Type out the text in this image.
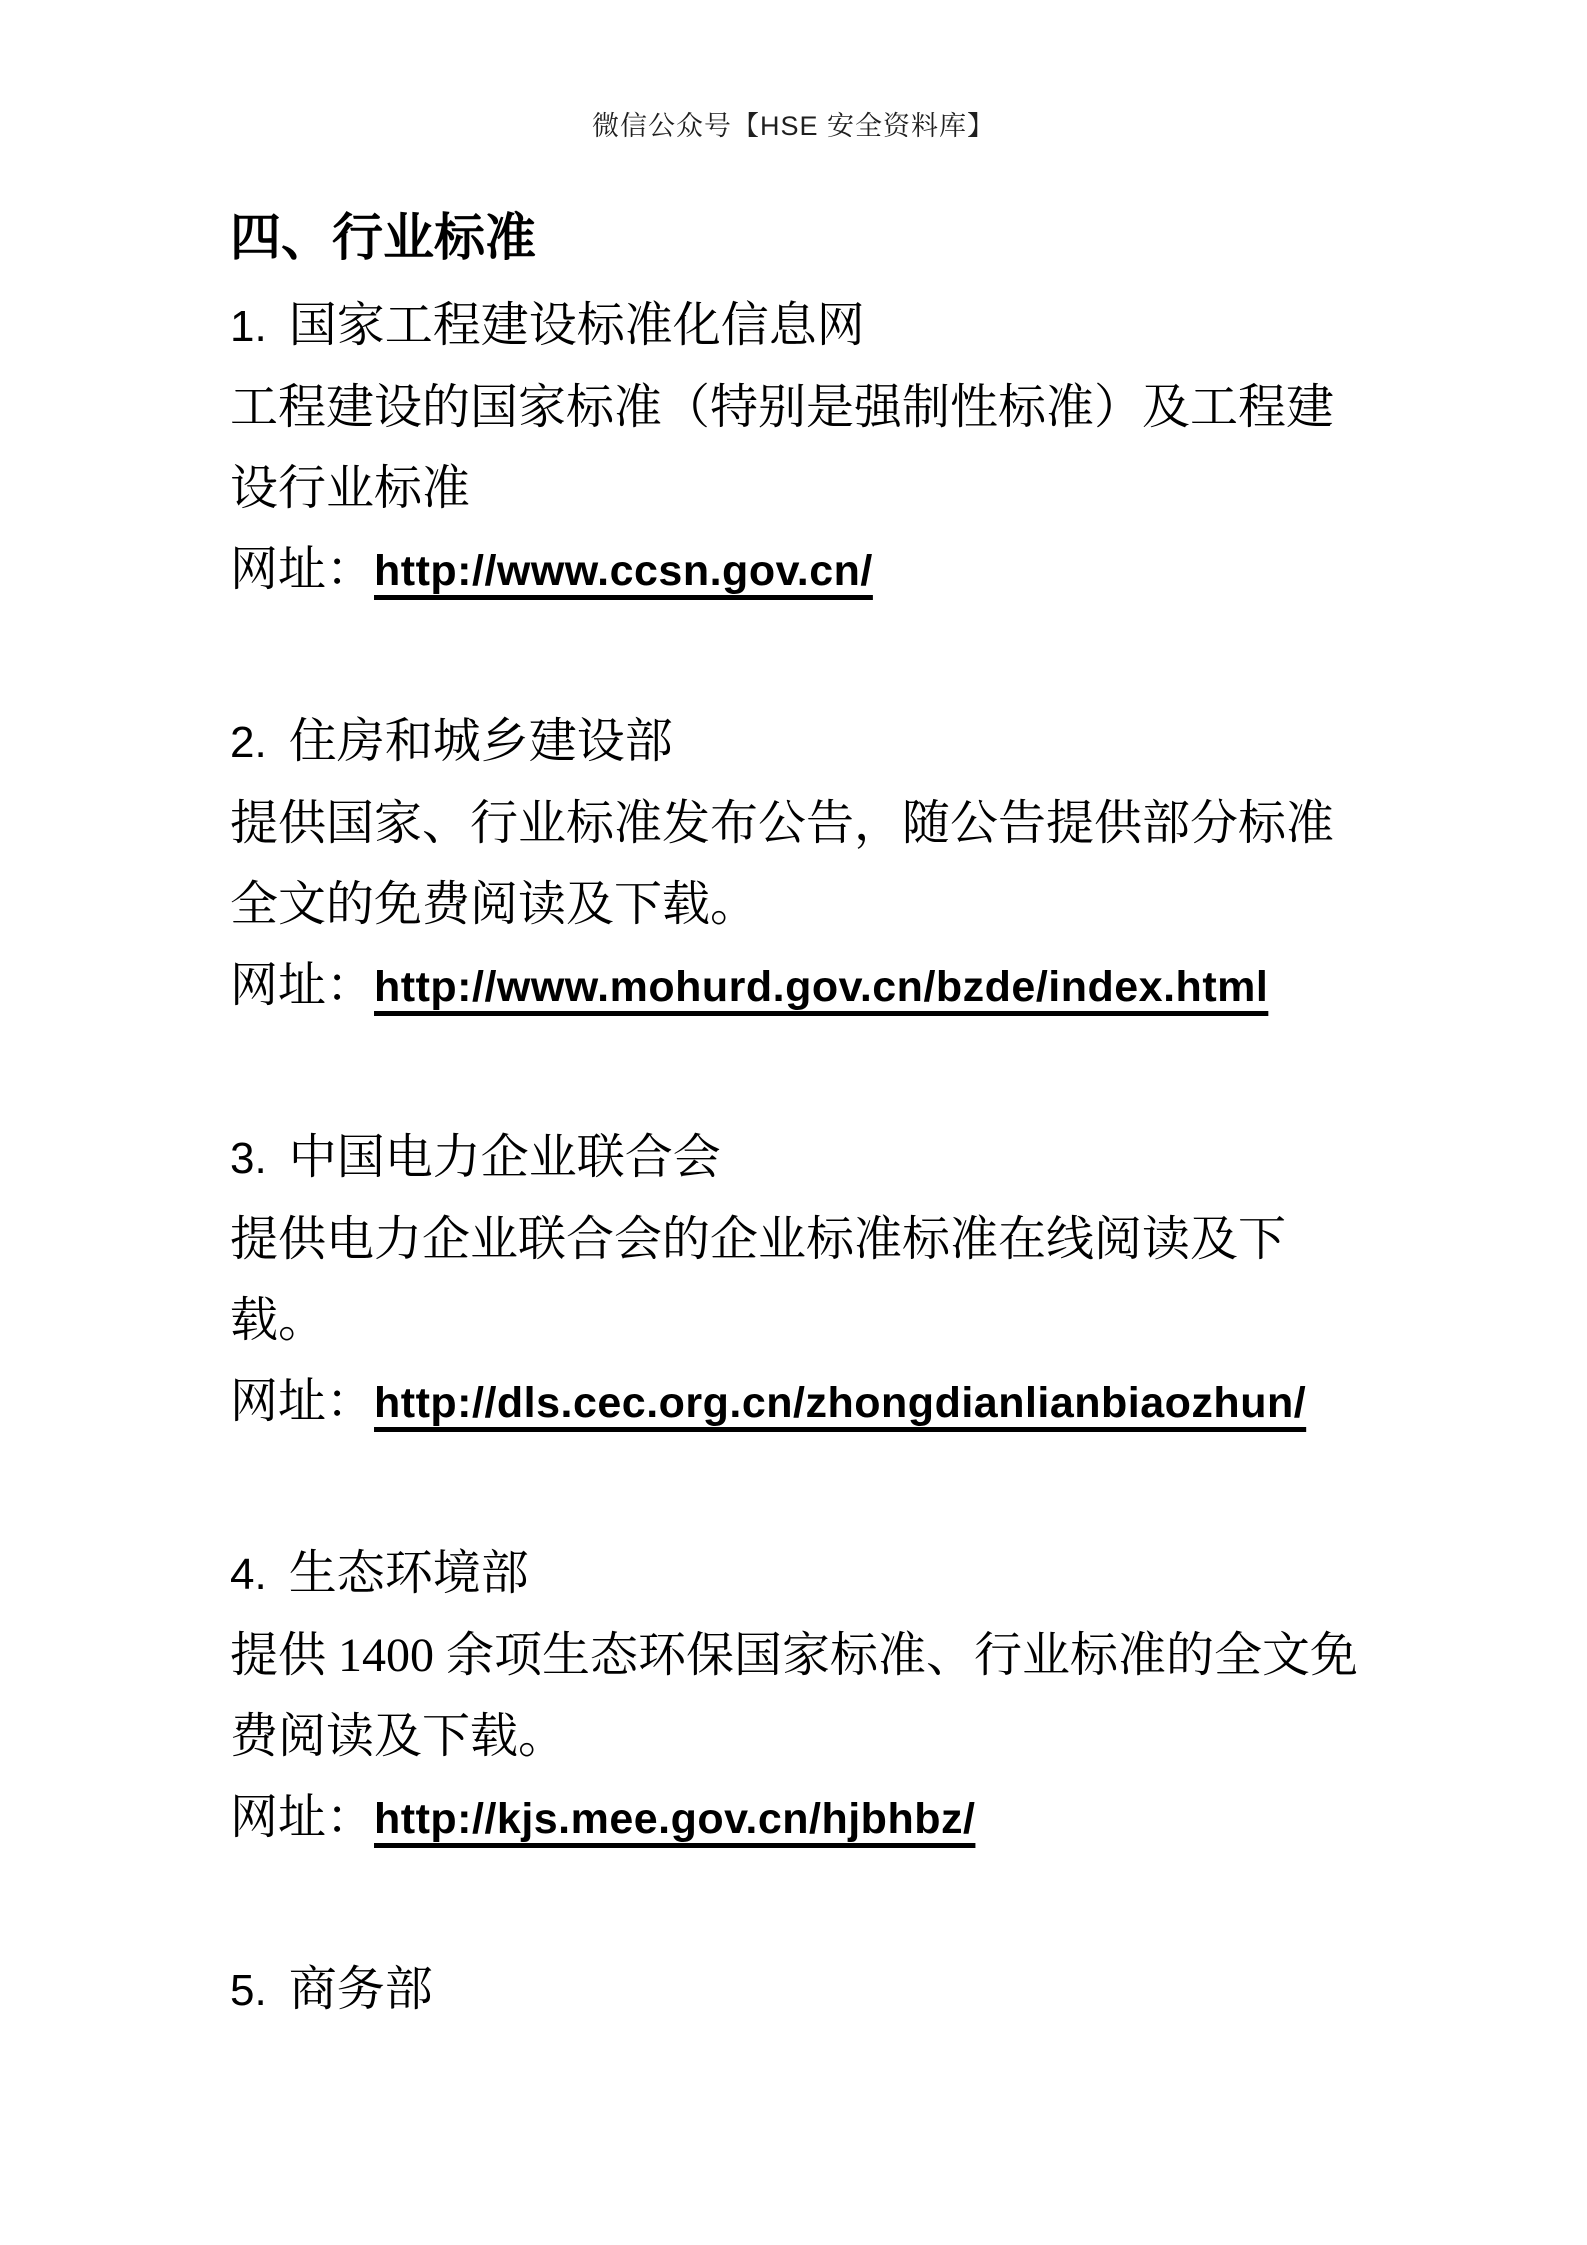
微信公众号【HSE 安全资料库】
四、行业标准
1. 国家工程建设标准化信息网
工程建设的国家标准（特别是强制性标准）及工程建
设行业标准
网址：http://www.ccsn.gov.cn/
2. 住房和城乡建设部
提供国家、行业标准发布公告，随公告提供部分标准
全文的免费阅读及下载。
网址：http://www.mohurd.gov.cn/bzde/index.html
3. 中国电力企业联合会
提供电力企业联合会的企业标准标准在线阅读及下
载。
网址：http://dls.cec.org.cn/zhongdianlianbiaozhun/
4. 生态环境部
提供 1400 余项生态环保国家标准、行业标准的全文免
费阅读及下载。
网址：http://kjs.mee.gov.cn/hjbhbz/
5. 商务部
